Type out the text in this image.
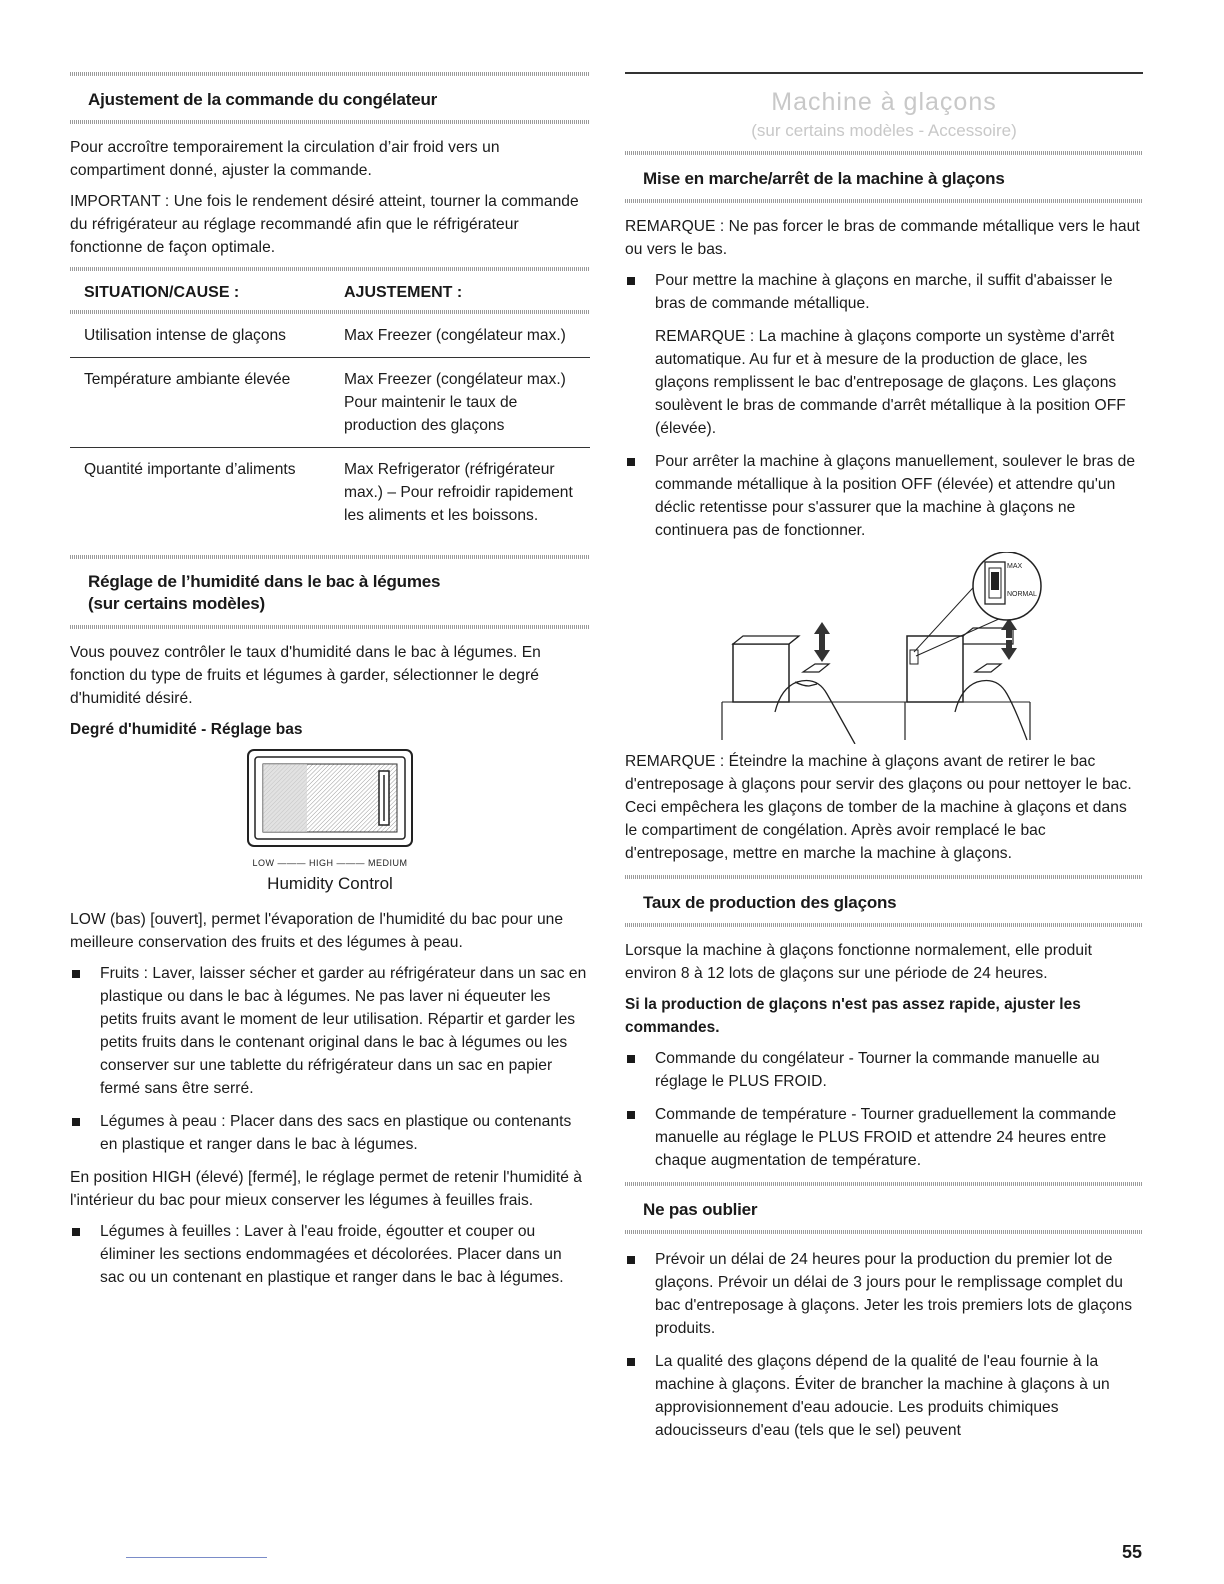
Ajustement de la commande du congélateur

Pour accroître temporairement la circulation d’air froid vers un compartiment donné, ajuster la commande.

IMPORTANT : Une fois le rendement désiré atteint, tourner la commande du réfrigérateur au réglage recommandé afin que le réfrigérateur fonctionne de façon optimale.

SITUATION/CAUSE :	AJUSTEMENT :

Utilisation intense de glaçons	Max Freezer (congélateur max.)
Température ambiante élevée	Max Freezer (congélateur max.) Pour maintenir le taux de production des glaçons
Quantité importante d’aliments	Max Refrigerator (réfrigérateur max.) – Pour refroidir rapidement les aliments et les boissons.
Réglage de l’humidité dans le bac à légumes
(sur certains modèles)

Vous pouvez contrôler le taux d'humidité dans le bac à légumes. En fonction du type de fruits et légumes à garder, sélectionner le degré d'humidité désiré.

Degré d'humidité - Réglage bas

LOW ——— HIGH ——— MEDIUM
Humidity Control

LOW (bas) [ouvert], permet l'évaporation de l'humidité du bac pour une meilleure conservation des fruits et des légumes à peau.

Fruits : Laver, laisser sécher et garder au réfrigérateur dans un sac en plastique ou dans le bac à légumes. Ne pas laver ni équeuter les petits fruits avant le moment de leur utilisation. Répartir et garder les petits fruits dans le contenant original dans le bac à légumes ou les conserver sur une tablette du réfrigérateur dans un sac en papier fermé sans être serré.
Légumes à peau : Placer dans des sacs en plastique ou contenants en plastique et ranger dans le bac à légumes.

En position HIGH (élevé) [fermé], le réglage permet de retenir l'humidité à l'intérieur du bac pour mieux conserver les légumes à feuilles frais.

Légumes à feuilles : Laver à l'eau froide, égoutter et couper ou éliminer les sections endommagées et décolorées. Placer dans un sac ou un contenant en plastique et ranger dans le bac à légumes.
Machine à glaçons
(sur certains modèles - Accessoire)
Mise en marche/arrêt de la machine à glaçons

REMARQUE : Ne pas forcer le bras de commande métallique vers le haut ou vers le bas.

Pour mettre la machine à glaçons en marche, il suffit d'abaisser le bras de commande métallique.

REMARQUE : La machine à glaçons comporte un système d'arrêt automatique. Au fur et à mesure de la production de glace, les glaçons remplissent le bac d'entreposage de glaçons. Les glaçons soulèvent le bras de commande d'arrêt métallique à la position OFF (élevée).

Pour arrêter la machine à glaçons manuellement, soulever le bras de commande métallique à la position OFF (élevée) et attendre qu'un déclic retentisse pour s'assurer que la machine à glaçons ne continuera pas de fonctionner.
MAX
NORMAL

REMARQUE : Éteindre la machine à glaçons avant de retirer le bac d'entreposage à glaçons pour servir des glaçons ou pour nettoyer le bac. Ceci empêchera les glaçons de tomber de la machine à glaçons et dans le compartiment de congélation. Après avoir remplacé le bac d'entreposage, mettre en marche la machine à glaçons.

Taux de production des glaçons

Lorsque la machine à glaçons fonctionne normalement, elle produit environ 8 à 12 lots de glaçons sur une période de 24 heures.

Si la production de glaçons n'est pas assez rapide, ajuster les commandes.

Commande du congélateur - Tourner la commande manuelle au réglage le PLUS FROID.
Commande de température - Tourner graduellement la commande manuelle au réglage le PLUS FROID et attendre 24 heures entre chaque augmentation de température.
Ne pas oublier
Prévoir un délai de 24 heures pour la production du premier lot de glaçons. Prévoir un délai de 3 jours pour le remplissage complet du bac d'entreposage à glaçons. Jeter les trois premiers lots de glaçons produits.
La qualité des glaçons dépend de la qualité de l'eau fournie à la machine à glaçons. Éviter de brancher la machine à glaçons à un approvisionnement d'eau adoucie. Les produits chimiques adoucisseurs d'eau (tels que le sel) peuvent
55
